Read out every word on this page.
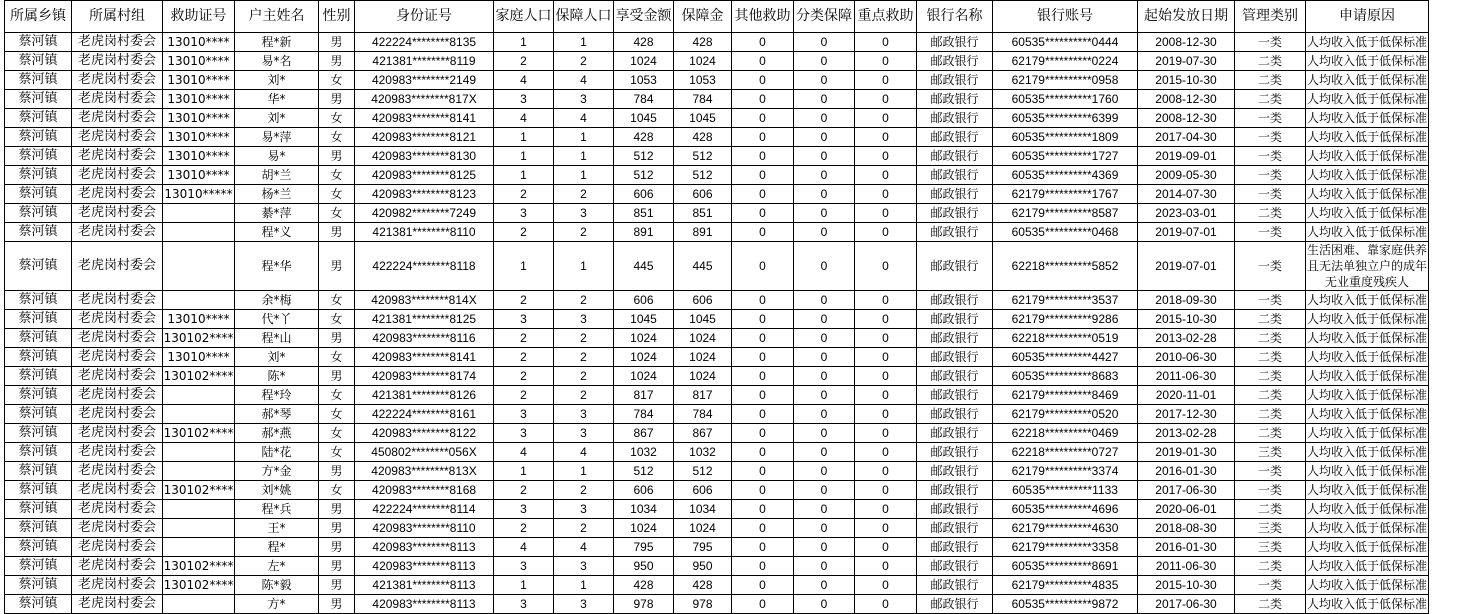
所属乡镇	所属村组	救助证号	户主姓名	性别	身份证号	家庭人口	保障人口	享受金额	保障金	其他救助	分类保障	重点救助	银行名称	银行账号	起始发放日期	管理类别	申请原因
蔡河镇	老虎岗村委会	13010****	程*新	男	422224********8135	1	1	428	428	0	0	0	邮政银行	60535**********0444	2008-12-30	一类	人均收入低于低保标准
蔡河镇	老虎岗村委会	13010****	易*名	男	421381********8119	2	2	1024	1024	0	0	0	邮政银行	62179**********0224	2019-07-30	二类	人均收入低于低保标准
蔡河镇	老虎岗村委会	13010****	刘*	女	420983********2149	4	4	1053	1053	0	0	0	邮政银行	62179**********0958	2015-10-30	二类	人均收入低于低保标准
蔡河镇	老虎岗村委会	13010****	华*	男	420983********817X	3	3	784	784	0	0	0	邮政银行	60535**********1760	2008-12-30	二类	人均收入低于低保标准
蔡河镇	老虎岗村委会	13010****	刘*	女	420983********8141	4	4	1045	1045	0	0	0	邮政银行	60535**********6399	2008-12-30	一类	人均收入低于低保标准
蔡河镇	老虎岗村委会	13010****	易*萍	女	420983********8121	1	1	428	428	0	0	0	邮政银行	60535**********1809	2017-04-30	一类	人均收入低于低保标准
蔡河镇	老虎岗村委会	13010****	易*	男	420983********8130	1	1	512	512	0	0	0	邮政银行	60535**********1727	2019-09-01	一类	人均收入低于低保标准
蔡河镇	老虎岗村委会	13010****	胡*兰	女	420983********8125	1	1	512	512	0	0	0	邮政银行	60535**********4369	2009-05-30	一类	人均收入低于低保标准
蔡河镇	老虎岗村委会	13010*****	杨*兰	女	420983********8123	2	2	606	606	0	0	0	邮政银行	62179**********1767	2014-07-30	一类	人均收入低于低保标准
蔡河镇	老虎岗村委会		綦*萍	女	420982********7249	3	3	851	851	0	0	0	邮政银行	62179**********8587	2023-03-01	二类	人均收入低于低保标准
蔡河镇	老虎岗村委会		程*义	男	421381********8110	2	2	891	891	0	0	0	邮政银行	60535**********0468	2019-07-01	一类	人均收入低于低保标准
蔡河镇	老虎岗村委会		程*华	男	422224********8118	1	1	445	445	0	0	0	邮政银行	62218**********5852	2019-07-01	一类	生活困难、靠家庭供养且无法单独立户的成年无业重度残疾人
蔡河镇	老虎岗村委会		余*梅	女	420983********814X	2	2	606	606	0	0	0	邮政银行	62179**********3537	2018-09-30	一类	人均收入低于低保标准
蔡河镇	老虎岗村委会	13010****	代*丫	女	421381********8125	3	3	1045	1045	0	0	0	邮政银行	62179**********9286	2015-10-30	二类	人均收入低于低保标准
蔡河镇	老虎岗村委会	130102****	程*山	男	420983********8116	2	2	1024	1024	0	0	0	邮政银行	62218**********0519	2013-02-28	二类	人均收入低于低保标准
蔡河镇	老虎岗村委会	13010****	刘*	女	420983********8141	2	2	1024	1024	0	0	0	邮政银行	60535**********4427	2010-06-30	二类	人均收入低于低保标准
蔡河镇	老虎岗村委会	130102****	陈*	男	420983********8174	2	2	1024	1024	0	0	0	邮政银行	60535**********8683	2011-06-30	二类	人均收入低于低保标准
蔡河镇	老虎岗村委会		程*玲	女	421381********8126	2	2	817	817	0	0	0	邮政银行	62179**********8469	2020-11-01	二类	人均收入低于低保标准
蔡河镇	老虎岗村委会		郝*琴	女	422224********8161	3	3	784	784	0	0	0	邮政银行	62179**********0520	2017-12-30	二类	人均收入低于低保标准
蔡河镇	老虎岗村委会	130102****	郝*燕	女	420983********8122	3	3	867	867	0	0	0	邮政银行	62218**********0469	2013-02-28	二类	人均收入低于低保标准
蔡河镇	老虎岗村委会		陆*花	女	450802********056X	4	4	1032	1032	0	0	0	邮政银行	62218**********0727	2019-01-30	三类	人均收入低于低保标准
蔡河镇	老虎岗村委会		方*金	男	420983********813X	1	1	512	512	0	0	0	邮政银行	62179**********3374	2016-01-30	一类	人均收入低于低保标准
蔡河镇	老虎岗村委会	130102****	刘*姚	女	420983********8168	2	2	606	606	0	0	0	邮政银行	60535**********1133	2017-06-30	一类	人均收入低于低保标准
蔡河镇	老虎岗村委会		程*兵	男	422224********8114	3	3	1034	1034	0	0	0	邮政银行	60535**********4696	2020-06-01	二类	人均收入低于低保标准
蔡河镇	老虎岗村委会		王*	男	420983********8110	2	2	1024	1024	0	0	0	邮政银行	62179**********4630	2018-08-30	三类	人均收入低于低保标准
蔡河镇	老虎岗村委会		程*	男	420983********8113	4	4	795	795	0	0	0	邮政银行	62179**********3358	2016-01-30	三类	人均收入低于低保标准
蔡河镇	老虎岗村委会	130102****	左*	男	420983********8113	3	3	950	950	0	0	0	邮政银行	60535**********8691	2011-06-30	二类	人均收入低于低保标准
蔡河镇	老虎岗村委会	130102****	陈*毅	男	421381********8113	1	1	428	428	0	0	0	邮政银行	62179**********4835	2015-10-30	一类	人均收入低于低保标准
蔡河镇	老虎岗村委会		方*	男	420983********8113	3	3	978	978	0	0	0	邮政银行	60535**********9872	2017-06-30	二类	人均收入低于低保标准
